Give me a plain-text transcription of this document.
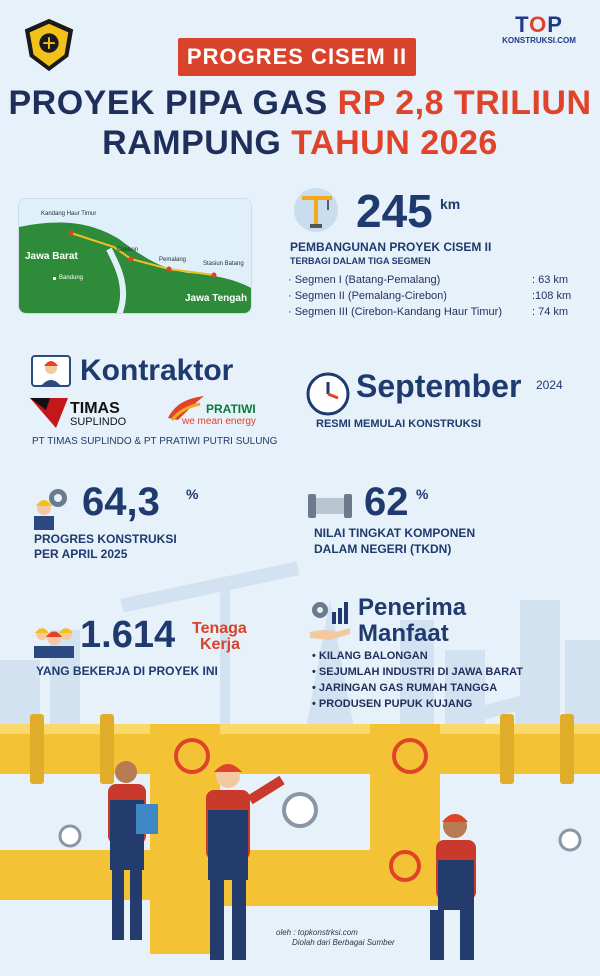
TOP
KONSTRUKSI.COM
PROGRES CISEM II
PROYEK PIPA GAS RP 2,8 TRILIUN
RAMPUNG TAHUN 2026
Kandang Haur Timur
Cirebon
Pemalang
Stasiun Batang
Jawa Barat
Bandung
Jawa Tengah
245 km
PEMBANGUNAN PROYEK CISEM II
TERBAGI DALAM TIGA SEGMEN
· Segmen I (Batang-Pemalang)	: 63 km
· Segmen II (Pemalang-Cirebon)	:108 km
· Segmen III (Cirebon-Kandang Haur Timur)	: 74 km
Kontraktor
TIMAS
SUPLINDO
PRATIWI
we mean energy
PT TIMAS SUPLINDO & PT PRATIWI PUTRI SULUNG
September 2024
RESMI MEMULAI KONSTRUKSI
64,3 %
PROGRES KONSTRUKSI
PER APRIL 2025
62 %
NILAI TINGKAT KOMPONEN
DALAM NEGERI (TKDN)
1.614 Tenaga
Kerja
YANG BEKERJA DI PROYEK INI
Penerima
Manfaat
• KILANG BALONGAN
• SEJUMLAH INDUSTRI DI JAWA BARAT
• JARINGAN GAS RUMAH TANGGA
• PRODUSEN PUPUK KUJANG
oleh : topkonstrksi.com
Diolah dari Berbagai Sumber
